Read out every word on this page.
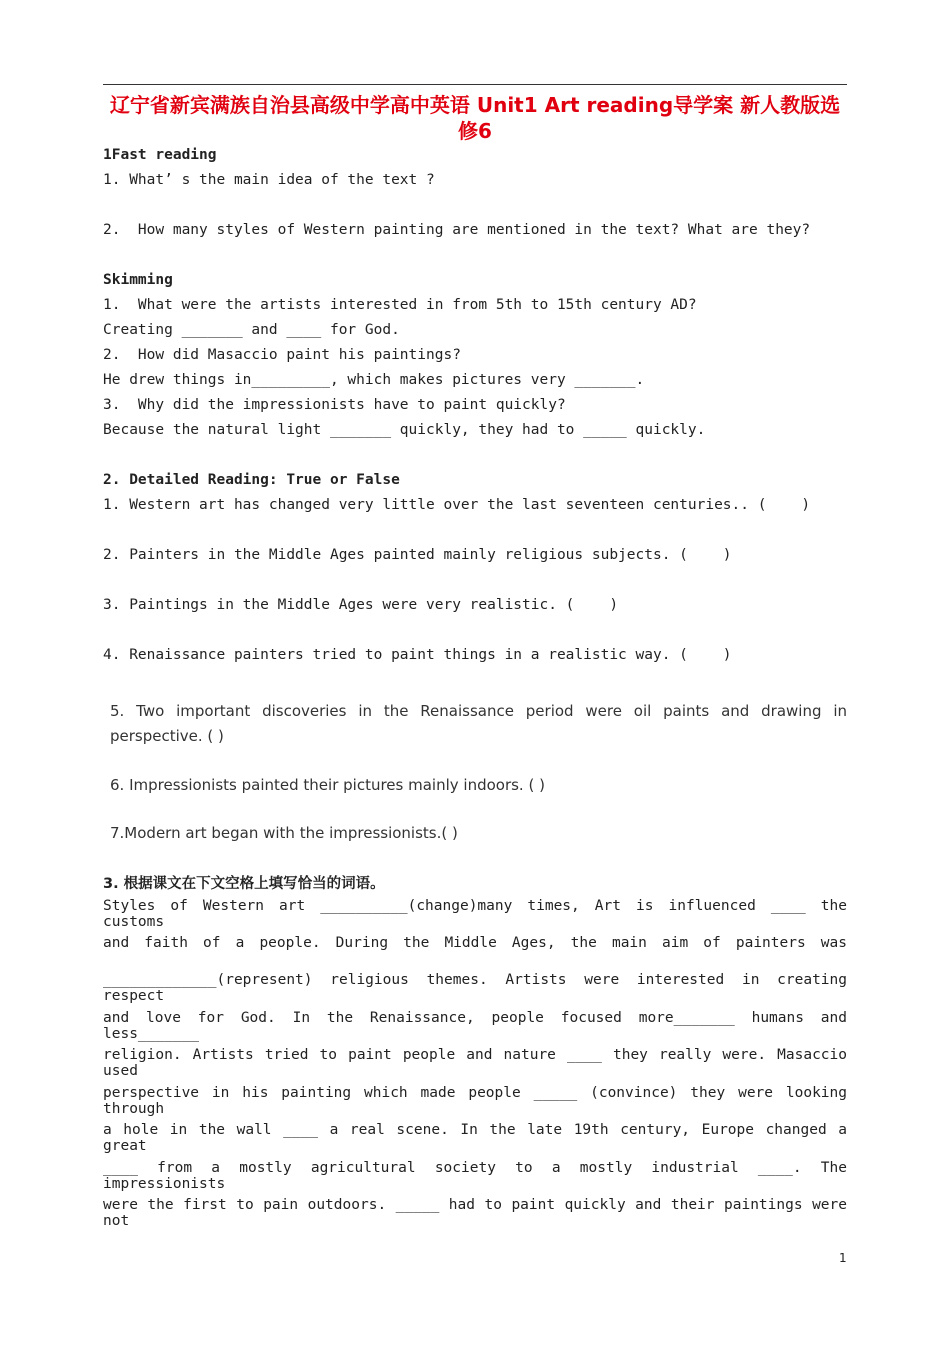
辽宁省新宾满族自治县高级中学高中英语 Unit1 Art reading导学案 新人教版选修6
1Fast reading
1. What’ s the main idea of the text ?
2.  How many styles of Western painting are mentioned in the text? What are they?
Skimming
1.  What were the artists interested in from 5th to 15th century AD?
Creating _______ and ____ for God.
2.  How did Masaccio paint his paintings?
He drew things in_________, which makes pictures very _______.
3.  Why did the impressionists have to paint quickly?
Because the natural light _______ quickly, they had to _____ quickly.
2. Detailed Reading: True or False
1. Western art has changed very little over the last seventeen centuries.. (    )
2. Painters in the Middle Ages painted mainly religious subjects. (    )
3. Paintings in the Middle Ages were very realistic. (    )
4. Renaissance painters tried to paint things in a realistic way. (    )
5. Two important discoveries in the Renaissance period were oil paints and drawing in perspective. ( )
6. Impressionists painted their pictures mainly indoors. ( )
7.Modern art began with the impressionists.( )
3. 根据课文在下文空格上填写恰当的词语。
Styles of Western art __________(change)many times, Art is influenced ____ the customs
and faith of a people. During the Middle Ages, the main aim of painters was
_____________(represent) religious themes. Artists were interested in creating respect
and love for God. In the Renaissance, people focused more_______ humans and less_______
religion. Artists tried to paint people and nature ____ they really were. Masaccio used
perspective in his painting which made people _____ (convince) they were looking through
a hole in the wall ____ a real scene. In the late 19th century, Europe changed a great
____ from a mostly agricultural society to a mostly industrial ____. The impressionists
were the first to pain outdoors. _____ had to paint quickly and their paintings were not
1
